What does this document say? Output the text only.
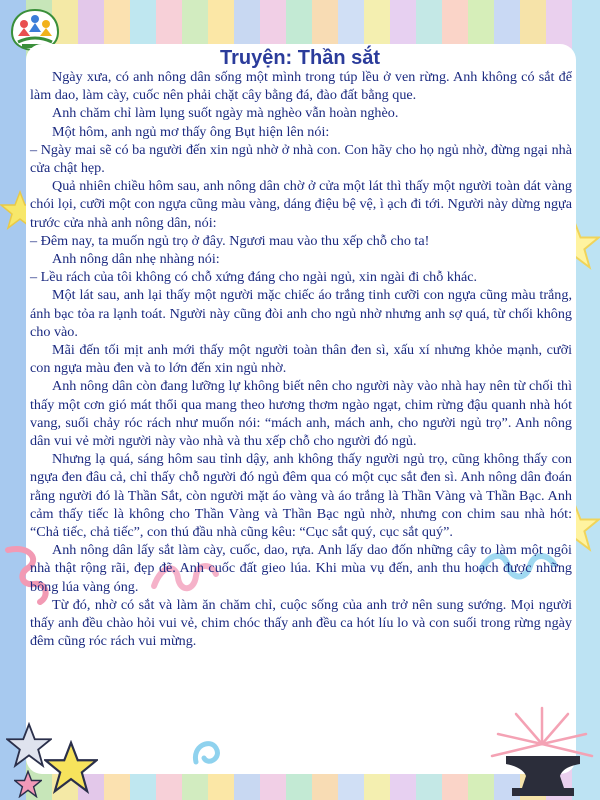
Truyện: Thần sắt

Ngày xưa, có anh nông dân sống một mình trong túp lều ở ven rừng. Anh không có sắt để làm dao, làm cày, cuốc nên phải chặt cây bằng đá, đào đất bằng que.

Anh chăm chỉ làm lụng suốt ngày mà nghèo vẫn hoàn nghèo.

Một hôm, anh ngủ mơ thấy ông Bụt hiện lên nói:

– Ngày mai sẽ có ba người đến xin ngủ nhờ ở nhà con. Con hãy cho họ ngủ nhờ, đừng ngại nhà cửa chật hẹp.

Quả nhiên chiều hôm sau, anh nông dân chờ ở cửa một lát thì thấy một người toàn dát vàng chói lọi, cưỡi một con ngựa cũng màu vàng, dáng điệu bệ vệ, ì ạch đi tới. Người này dừng ngựa trước cửa nhà anh nông dân, nói:

– Đêm nay, ta muốn ngủ trọ ở đây. Ngươi mau vào thu xếp chỗ cho ta!

Anh nông dân nhẹ nhàng nói:

– Lều rách của tôi không có chỗ xứng đáng cho ngài ngủ, xin ngài đi chỗ khác.

Một lát sau, anh lại thấy một người mặc chiếc áo trắng tinh cưỡi con ngựa cũng màu trắng, ánh bạc tỏa ra lạnh toát. Người này cũng đòi anh cho ngủ nhờ nhưng anh sợ quá, từ chối không cho vào.

Mãi đến tối mịt anh mới thấy một người toàn thân đen sì, xấu xí nhưng khỏe mạnh, cưỡi con ngựa màu đen và to lớn đến xin ngủ nhờ.

Anh nông dân còn đang lưỡng lự không biết nên cho người này vào nhà hay nên từ chối thì thấy một cơn gió mát thổi qua mang theo hương thơm ngào ngạt, chim rừng đậu quanh nhà hót vang, suối chảy róc rách như muốn nói: “mách anh, mách anh, cho người ngủ trọ”. Anh nông dân vui vẻ mời người này vào nhà và thu xếp chỗ cho người đó ngủ.

Nhưng lạ quá, sáng hôm sau tỉnh dậy, anh không thấy người ngủ trọ, cũng không thấy con ngựa đen đâu cả, chỉ thấy chỗ người đó ngủ đêm qua có một cục sắt đen sì. Anh nông dân đoán rằng người đó là Thần Sắt, còn người mặt áo vàng và áo trắng là Thần Vàng và Thần Bạc. Anh cảm thấy tiếc là không cho Thần Vàng và Thần Bạc ngủ nhờ, nhưng con chim sau nhà hót: “Chả tiếc, chả tiếc”, con thú đầu nhà cũng kêu: “Cục sắt quý, cục sắt quý”.

Anh nông dân lấy sắt làm cày, cuốc, dao, rựa. Anh lấy dao đốn những cây to làm một ngôi nhà thật rộng rãi, đẹp đẽ. Anh cuốc đất gieo lúa. Khi mùa vụ đến, anh thu hoạch được những bông lúa vàng óng.

Từ đó, nhờ có sắt và làm ăn chăm chỉ, cuộc sống của anh trở nên sung sướng. Mọi người thấy anh đều chào hỏi vui vẻ, chim chóc thấy anh đều ca hót líu lo và con suối trong rừng ngày đêm cũng róc rách vui mừng.
